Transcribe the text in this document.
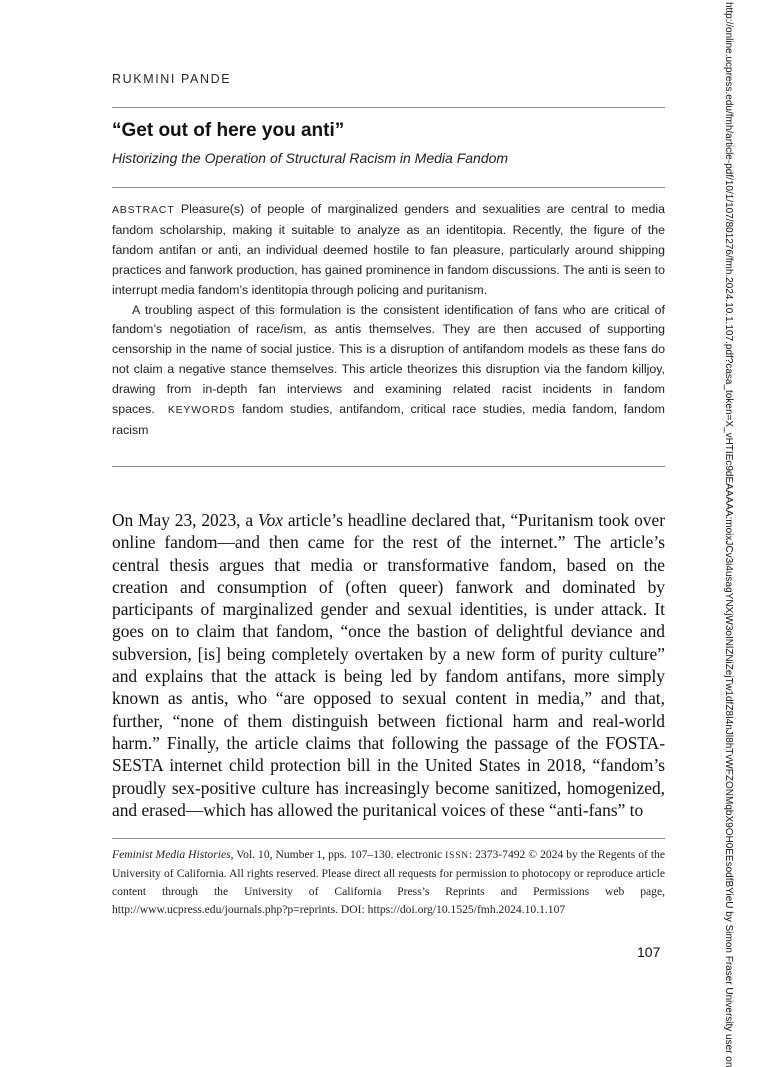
RUKMINI PANDE
“Get out of here you anti”
Historizing the Operation of Structural Racism in Media Fandom

ABSTRACT Pleasure(s) of people of marginalized genders and sexualities are central to media fandom scholarship, making it suitable to analyze as an identitopia. Recently, the figure of the fandom antifan or anti, an individual deemed hostile to fan pleasure, particularly around shipping practices and fanwork production, has gained prominence in fandom discussions. The anti is seen to interrupt media fandom’s identitopia through policing and puritanism.

A troubling aspect of this formulation is the consistent identification of fans who are critical of fandom’s negotiation of race/ism, as antis themselves. They are then accused of supporting censorship in the name of social justice. This is a disruption of antifandom models as these fans do not claim a negative stance themselves. This article theorizes this disruption via the fandom killjoy, drawing from in-depth fan interviews and examining related racist incidents in fandom spaces. KEYWORDS fandom studies, antifandom, critical race studies, media fandom, fandom racism

On May 23, 2023, a Vox article’s headline declared that, “Puritanism took over online fandom—and then came for the rest of the internet.” The article’s central thesis argues that media or transformative fandom, based on the creation and consumption of (often queer) fanwork and dominated by participants of marginalized gender and sexual identities, is under attack. It goes on to claim that fandom, “once the bastion of delightful deviance and subversion, [is] being completely overtaken by a new form of purity culture” and explains that the attack is being led by fandom antifans, more simply known as antis, who “are opposed to sexual content in media,” and that, further, “none of them distinguish between fictional harm and real-world harm.” Finally, the article claims that following the passage of the FOSTA-SESTA internet child protection bill in the United States in 2018, “fandom’s proudly sex-positive culture has increasingly become sanitized, homogenized, and erased—which has allowed the puritanical voices of these “anti-fans” to

Feminist Media Histories, Vol. 10, Number 1, pps. 107–130. electronic ISSN: 2373-7492 © 2024 by the Regents of the University of California. All rights reserved. Please direct all requests for permission to photocopy or reproduce article content through the University of California Press’s Reprints and Permissions web page, http://www.ucpress.edu/journals.php?p=reprints. DOI: https://doi.org/10.1525/fmh.2024.10.1.107

107	http://online.ucpress.edu/fmh/article-pdf/10/1/107/801276/fmh.2024.10.1.107.pdf?casa_token=X_vHTIEc9dEAAAAA:moixJCv3i4usagYNXjW3oINlZNiZejTw1dfZ8I4nJl8hTvWFZONMqbX9OH0EEsodfBYieU by Simon Fraser University user on
